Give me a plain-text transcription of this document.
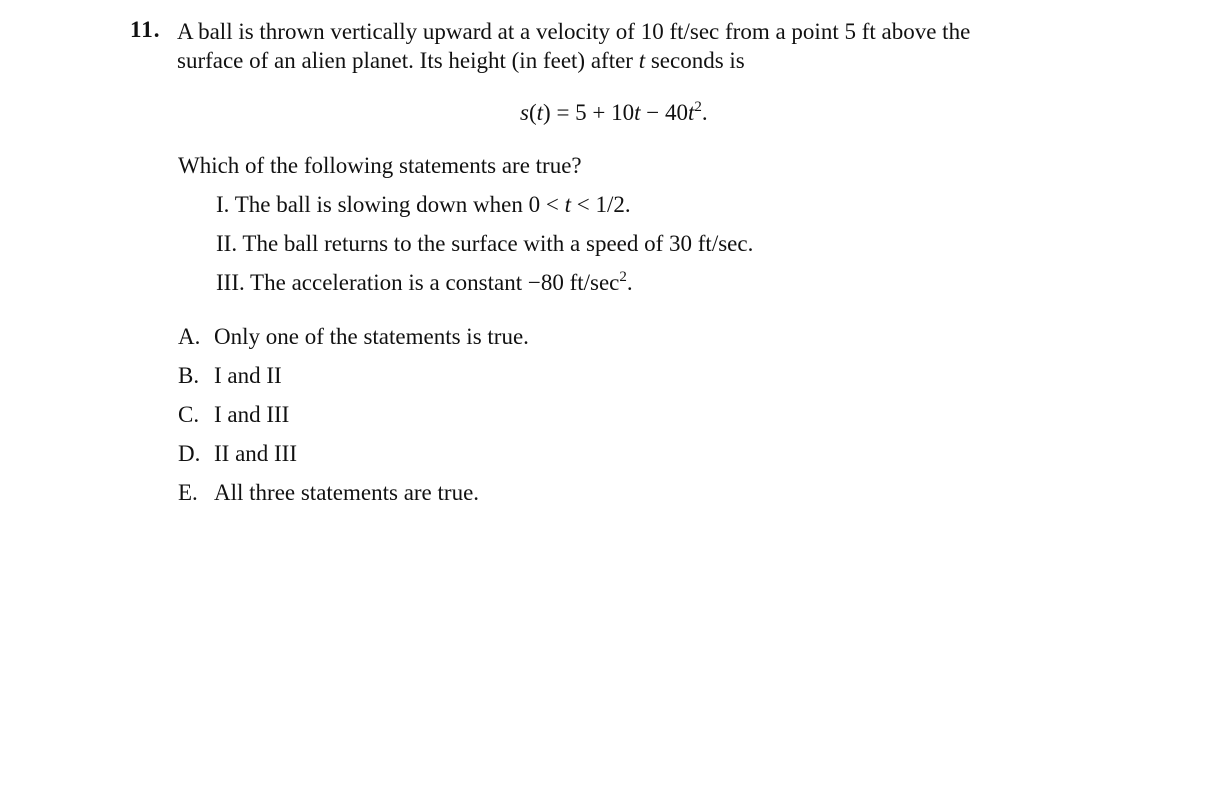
11. A ball is thrown vertically upward at a velocity of 10 ft/sec from a point 5 ft above the
surface of an alien planet. Its height (in feet) after t seconds is
$s(t) = 5 + 10t - 40t^2$.
Which of the following statements are true?
I. The ball is slowing down when 0 < t < 1/2.
II. The ball returns to the surface with a speed of 30 ft/sec.
III. The acceleration is a constant −80 $ft/\sec^2$.
A. Only one of the statements is true.
B. I and II
C. I and III
D. II and III
E. All three statements are true.
